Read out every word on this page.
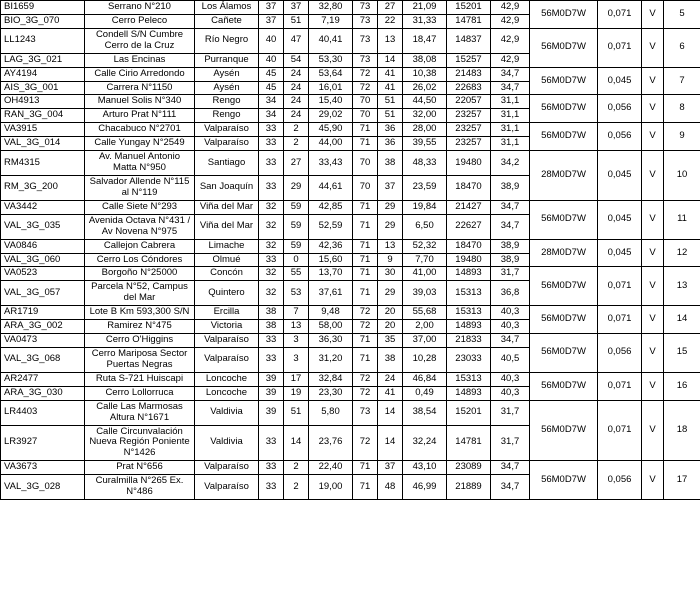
BI1659	Serrano N°210	Los Álamos	37	37	32,80	73	27	21,09	15201	42,9	56M0D7W	0,071	V	5
BIO_3G_070	Cerro Peleco	Cañete	37	51	7,19	73	22	31,33	14781	42,9				
LL1243	Condell S/N Cumbre Cerro de la Cruz	Río Negro	40	47	40,41	73	13	18,47	14837	42,9	56M0D7W	0,071	V	6
LAG_3G_021	Las Encinas	Purranque	40	54	53,30	73	14	38,08	15257	42,9				
AY4194	Calle Cirio Arredondo	Aysén	45	24	53,64	72	41	10,38	21483	34,7	56M0D7W	0,045	V	7
AIS_3G_001	Carrera N°1150	Aysén	45	24	16,01	72	41	26,02	22683	34,7				
OH4913	Manuel Solis N°340	Rengo	34	24	15,40	70	51	44,50	22057	31,1	56M0D7W	0,056	V	8
RAN_3G_004	Arturo Prat N°111	Rengo	34	24	29,02	70	51	32,00	23257	31,1				
VA3915	Chacabuco N°2701	Valparaíso	33	2	45,90	71	36	28,00	23257	31,1	56M0D7W	0,056	V	9
VAL_3G_014	Calle Yungay N°2549	Valparaíso	33	2	44,00	71	36	39,55	23257	31,1				
RM4315	Av. Manuel Antonio Matta N°950	Santiago	33	27	33,43	70	38	48,33	19480	34,2	28M0D7W	0,045	V	10
RM_3G_200	Salvador Allende N°115 al N°119	San Joaquín	33	29	44,61	70	37	23,59	18470	38,9				
VA3442	Calle Siete N°293	Viña del Mar	32	59	42,85	71	29	19,84	21427	34,7	56M0D7W	0,045	V	11
VAL_3G_035	Avenida Octava N°431 / Av Novena N°975	Viña del Mar	32	59	52,59	71	29	6,50	22627	34,7				
VA0846	Callejon Cabrera	Limache	32	59	42,36	71	13	52,32	18470	38,9	28M0D7W	0,045	V	12
VAL_3G_060	Cerro Los Cóndores	Olmué	33	0	15,60	71	9	7,70	19480	38,9				
VA0523	Borgoño N°25000	Concón	32	55	13,70	71	30	41,00	14893	31,7	56M0D7W	0,071	V	13
VAL_3G_057	Parcela N°52, Campus del Mar	Quintero	32	53	37,61	71	29	39,03	15313	36,8				
AR1719	Lote B Km 593,300 S/N	Ercilla	38	7	9,48	72	20	55,68	15313	40,3	56M0D7W	0,071	V	14
ARA_3G_002	Ramirez N°475	Victoria	38	13	58,00	72	20	2,00	14893	40,3				
VA0473	Cerro O'Higgins	Valparaíso	33	3	36,30	71	35	37,00	21833	34,7	56M0D7W	0,056	V	15
VAL_3G_068	Cerro Mariposa Sector Puertas Negras	Valparaíso	33	3	31,20	71	38	10,28	23033	40,5				
AR2477	Ruta S-721 Huiscapi	Loncoche	39	17	32,84	72	24	46,84	15313	40,3	56M0D7W	0,071	V	16
ARA_3G_030	Cerro Lollorruca	Loncoche	39	19	23,30	72	41	0,49	14893	40,3				
LR4403	Calle Las Marmosas Altura N°1671	Valdivia	39	51	5,80	73	14	38,54	15201	31,7	56M0D7W	0,071	V	18
LR3927	Calle Circunvalación Nueva Región Poniente N°1426	Valdivia	33	14	23,76	72	14	32,24	14781	31,7				
VA3673	Prat N°656	Valparaíso	33	2	22,40	71	37	43,10	23089	34,7	56M0D7W	0,056	V	17
VAL_3G_028	Curalmilla N°265 Ex. N°486	Valparaíso	33	2	19,00	71	48	46,99	21889	34,7				
